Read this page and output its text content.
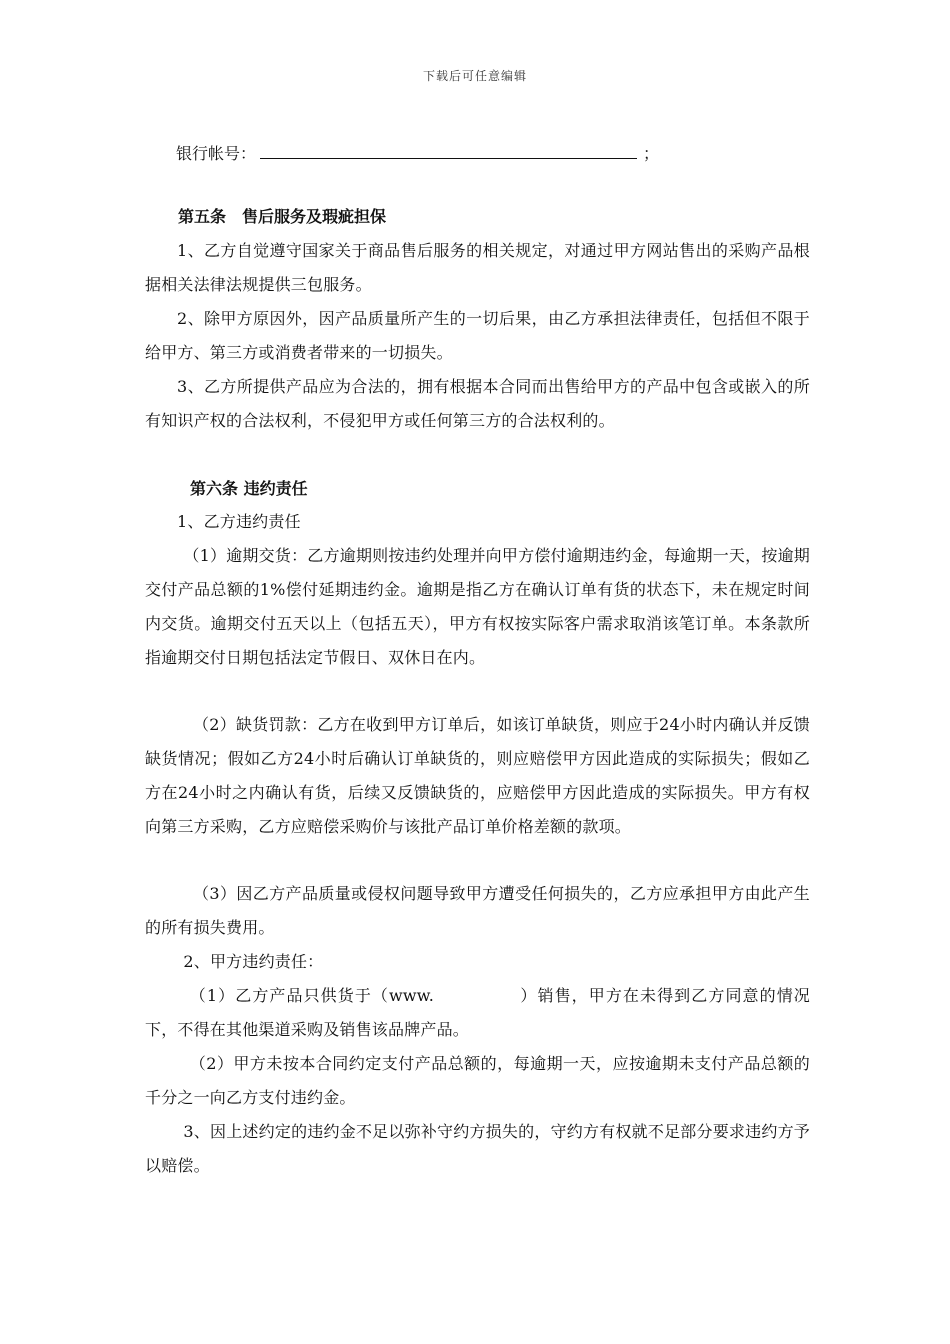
下载后可任意编辑
银行帐号：	；
第五条　售后服务及瑕疵担保
1、乙方自觉遵守国家关于商品售后服务的相关规定，对通过甲方网站售出的采购产品根据相关法律法规提供三包服务。
2、除甲方原因外，因产品质量所产生的一切后果，由乙方承担法律责任，包括但不限于给甲方、第三方或消费者带来的一切损失。
3、乙方所提供产品应为合法的，拥有根据本合同而出售给甲方的产品中包含或嵌入的所有知识产权的合法权利，不侵犯甲方或任何第三方的合法权利的。
第六条 违约责任
1、乙方违约责任
（1）逾期交货：乙方逾期则按违约处理并向甲方偿付逾期违约金，每逾期一天，按逾期交付产品总额的1%偿付延期违约金。逾期是指乙方在确认订单有货的状态下，未在规定时间内交货。逾期交付五天以上（包括五天），甲方有权按实际客户需求取消该笔订单。本条款所指逾期交付日期包括法定节假日、双休日在内。
（2）缺货罚款：乙方在收到甲方订单后，如该订单缺货，则应于24小时内确认并反馈缺货情况；假如乙方24小时后确认订单缺货的，则应赔偿甲方因此造成的实际损失；假如乙方在24小时之内确认有货，后续又反馈缺货的，应赔偿甲方因此造成的实际损失。甲方有权向第三方采购，乙方应赔偿采购价与该批产品订单价格差额的款项。
（3）因乙方产品质量或侵权问题导致甲方遭受任何损失的，乙方应承担甲方由此产生的所有损失费用。
2、甲方违约责任：
（1）乙方产品只供货于（www.　　　　　）销售，甲方在未得到乙方同意的情况下，不得在其他渠道采购及销售该品牌产品。
（2）甲方未按本合同约定支付产品总额的，每逾期一天，应按逾期未支付产品总额的千分之一向乙方支付违约金。
3、因上述约定的违约金不足以弥补守约方损失的，守约方有权就不足部分要求违约方予以赔偿。
